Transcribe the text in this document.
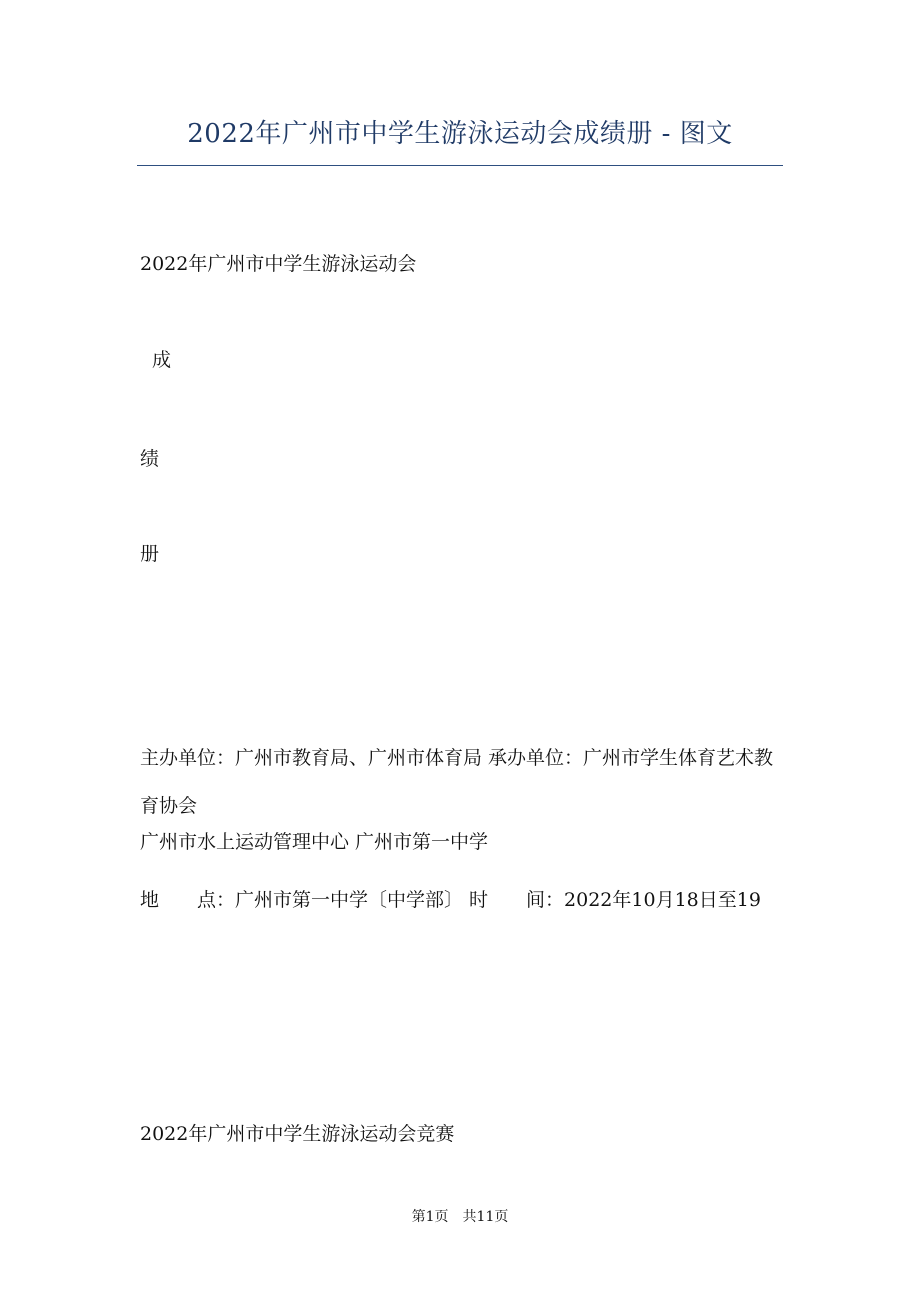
2022年广州市中学生游泳运动会成绩册 - 图文
2022年广州市中学生游泳运动会
成
绩
册
主办单位：广州市教育局、广州市体育局 承办单位：广州市学生体育艺术教育协会
广州市水上运动管理中心 广州市第一中学
地　　点：广州市第一中学〔中学部〕 时　　间：2022年10月18日至19
2022年广州市中学生游泳运动会竞赛
第1页　共11页
